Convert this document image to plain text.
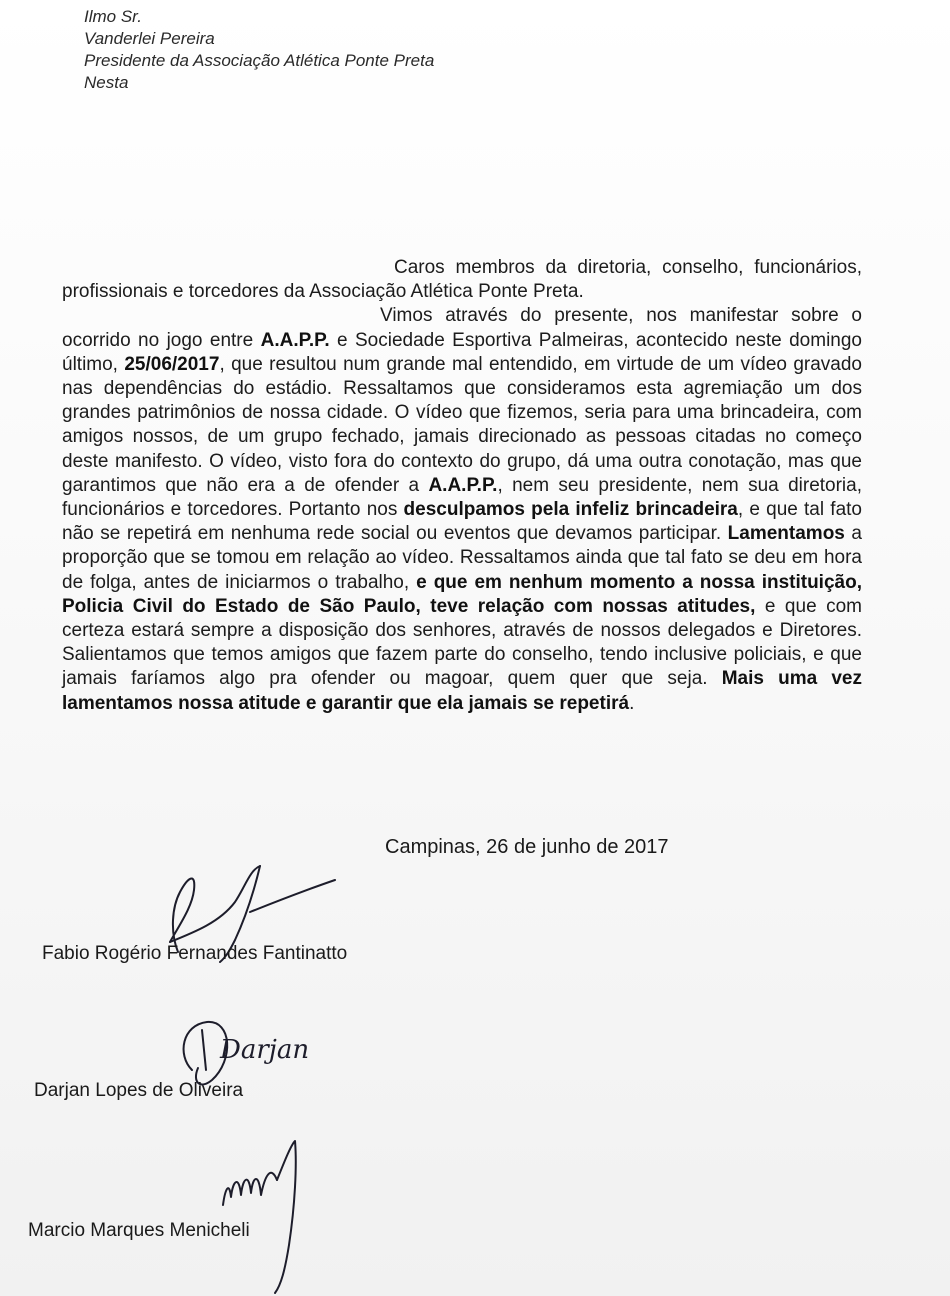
Ilmo Sr.
Vanderlei Pereira
Presidente da Associação Atlética Ponte Preta
Nesta

Caros membros da diretoria, conselho, funcionários, profissionais e torcedores da Associação Atlética Ponte Preta.

Vimos através do presente, nos manifestar sobre o ocorrido no jogo entre A.A.P.P. e Sociedade Esportiva Palmeiras, acontecido neste domingo último, 25/06/2017, que resultou num grande mal entendido, em virtude de um vídeo gravado nas dependências do estádio. Ressaltamos que consideramos esta agremiação um dos grandes patrimônios de nossa cidade. O vídeo que fizemos, seria para uma brincadeira, com amigos nossos, de um grupo fechado, jamais direcionado as pessoas citadas no começo deste manifesto. O vídeo, visto fora do contexto do grupo, dá uma outra conotação, mas que garantimos que não era a de ofender a A.A.P.P., nem seu presidente, nem sua diretoria, funcionários e torcedores. Portanto nos desculpamos pela infeliz brincadeira, e que tal fato não se repetirá em nenhuma rede social ou eventos que devamos participar. Lamentamos a proporção que se tomou em relação ao vídeo. Ressaltamos ainda que tal fato se deu em hora de folga, antes de iniciarmos o trabalho, e que em nenhum momento a nossa instituição, Policia Civil do Estado de São Paulo, teve relação com nossas atitudes, e que com certeza estará sempre a disposição dos senhores, através de nossos delegados e Diretores. Salientamos que temos amigos que fazem parte do conselho, tendo inclusive policiais, e que jamais faríamos algo pra ofender ou magoar, quem quer que seja. Mais uma vez lamentamos nossa atitude e garantir que ela jamais se repetirá.

Campinas, 26 de junho de 2017
Fabio Rogério Fernandes Fantinatto
Darjan
Darjan Lopes de Oliveira
Marcio Marques Menicheli
